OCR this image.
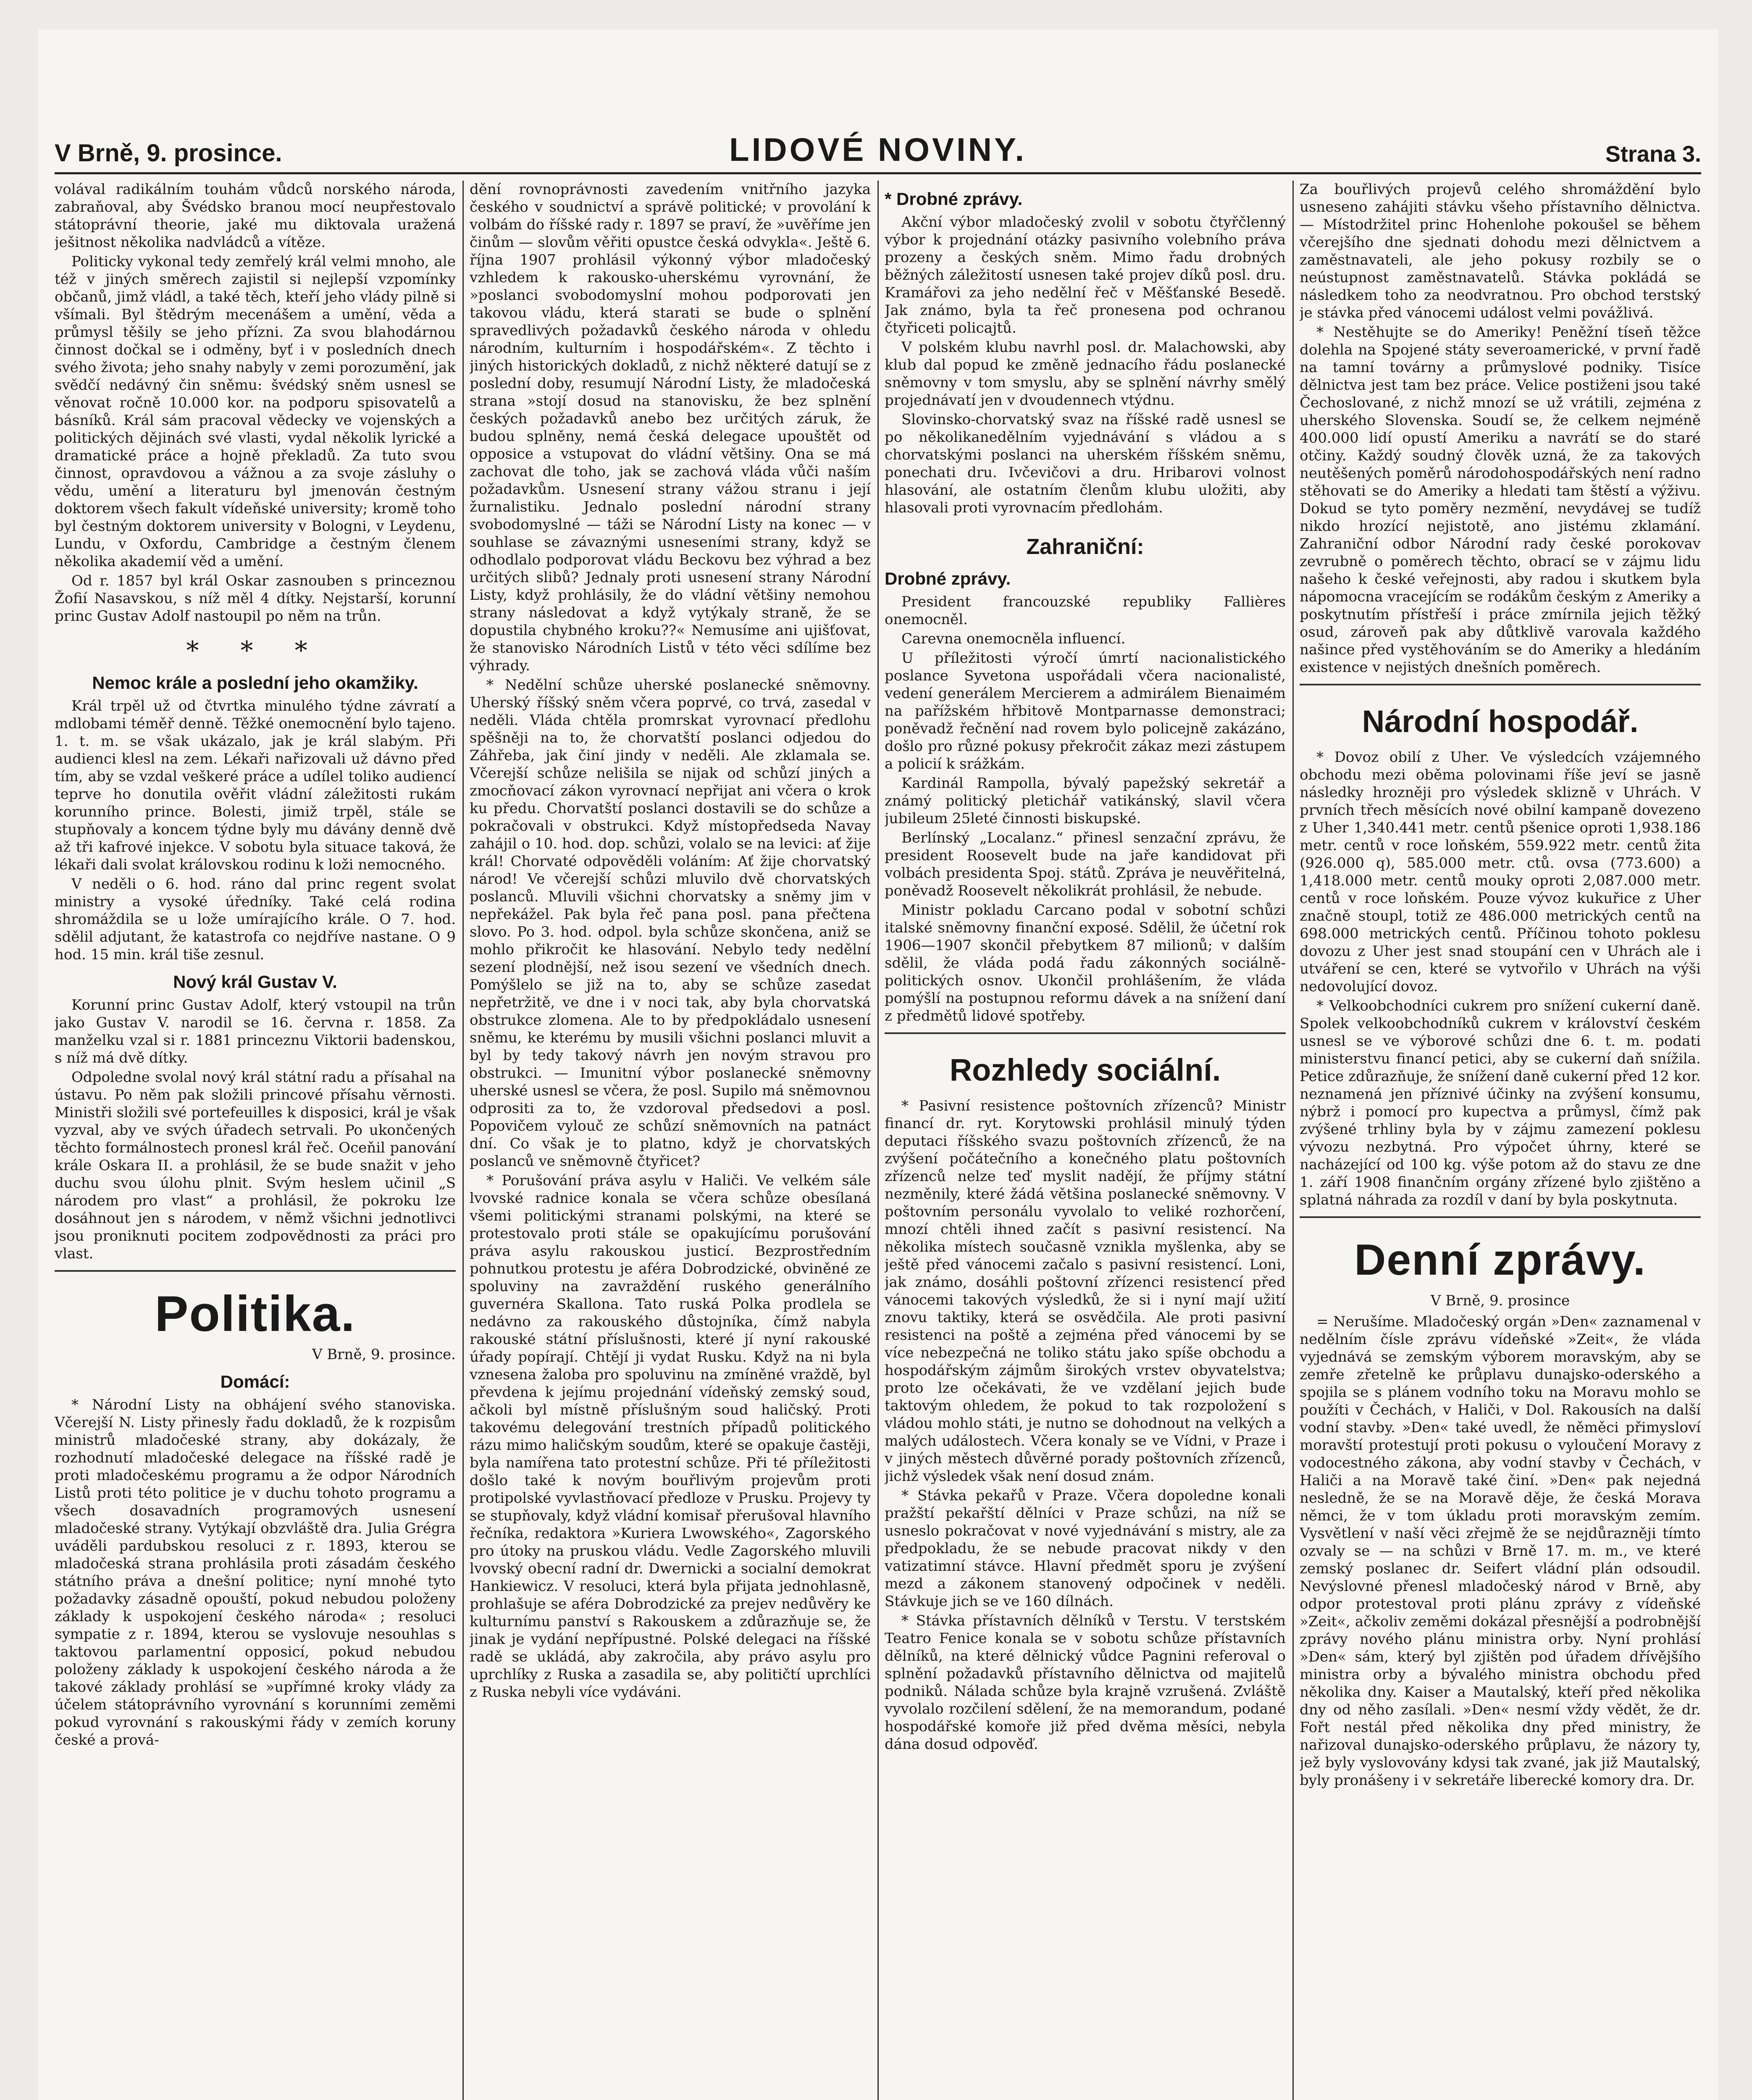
V Brně, 9. prosince.	LIDOVÉ NOVINY.	Strana 3.

volával radikálním touhám vůdců norského národa, zabraňoval, aby Švédsko branou mocí neupřestovalo státoprávní theorie, jaké mu diktovala uražená ješitnost několika nadvládců a vítěze.

Politicky vykonal tedy zemřelý král velmi mnoho, ale též v jiných směrech zajistil si nejlepší vzpomínky občanů, jimž vládl, a také těch, kteří jeho vlády pilně si všímali. Byl štědrým mecenášem a umění, věda a průmysl těšily se jeho přízni. Za svou blahodárnou činnost dočkal se i odměny, byť i v posledních dnech svého života; jeho snahy nabyly v zemi porozumění, jak svědčí nedávný čin sněmu: švédský sněm usnesl se věnovat ročně 10.000 kor. na podporu spisovatelů a básníků. Král sám pracoval vědecky ve vojenských a politických dějinách své vlasti, vydal několik lyrické a dramatické práce a hojně překladů. Za tuto svou činnost, opravdovou a vážnou a za svoje zásluhy o vědu, umění a literaturu byl jmenován čestným doktorem všech fakult vídeňské university; kromě toho byl čestným doktorem university v Bologni, v Leydenu, Lundu, v Oxfordu, Cambridge a čestným členem několika akademií věd a umění.

Od r. 1857 byl král Oskar zasnouben s princeznou Žofií Nasavskou, s níž měl 4 dítky. Nejstarší, korunní princ Gustav Adolf nastoupil po něm na trůn.

* * *
Nemoc krále a poslední jeho okamžiky.

Král trpěl už od čtvrtka minulého týdne závratí a mdlobami téměř denně. Těžké onemocnění bylo tajeno. 1. t. m. se však ukázalo, jak je král slabým. Při audienci klesl na zem. Lékaři nařizovali už dávno před tím, aby se vzdal veškeré práce a udílel toliko audiencí teprve ho donutila ověřit vládní záležitosti rukám korunního prince. Bolesti, jimiž trpěl, stále se stupňovaly a koncem týdne byly mu dávány denně dvě až tři kafrové injekce. V sobotu byla situace taková, že lékaři dali svolat královskou rodinu k loži nemocného.

V neděli o 6. hod. ráno dal princ regent svolat ministry a vysoké úředníky. Také celá rodina shromáždila se u lože umírajícího krále. O 7. hod. sdělil adjutant, že katastrofa co nejdříve nastane. O 9 hod. 15 min. král tiše zesnul.

Nový král Gustav V.

Korunní princ Gustav Adolf, který vstoupil na trůn jako Gustav V. narodil se 16. června r. 1858. Za manželku vzal si r. 1881 princeznu Viktorii badenskou, s níž má dvě dítky.

Odpoledne svolal nový král státní radu a přísahal na ústavu. Po něm pak složili princové přísahu věrnosti. Ministři složili své portefeuilles k disposici, král je však vyzval, aby ve svých úřadech setrvali. Po ukončených těchto formálnostech pronesl král řeč. Oceňil panování krále Oskara II. a prohlásil, že se bude snažit v jeho duchu svou úlohu plnit. Svým heslem učinil „S národem pro vlast“ a prohlásil, že pokroku lze dosáhnout jen s národem, v němž všichni jednotlivci jsou proniknuti pocitem zodpovědnosti za práci pro vlast.

Politika.
V Brně, 9. prosince.
Domácí:

* Národní Listy na obhájení svého stanoviska. Včerejší N. Listy přinesly řadu dokladů, že k rozpisům ministrů mladočeské strany, aby dokázaly, že rozhodnutí mladočeské delegace na říšské radě je proti mladočeskému programu a že odpor Národních Listů proti této politice je v duchu tohoto programu a všech dosavadních programových usnesení mladočeské strany. Vytýkají obzvláště dra. Julia Grégra uváděli pardubskou resoluci z r. 1893, kterou se mladočeská strana prohlásila proti zásadám českého státního práva a dnešní politice; nyní mnohé tyto požadavky zásadně opouští, pokud nebudou položeny základy k uspokojení českého národa« ; resoluci sympatie z r. 1894, kterou se vyslovuje nesouhlas s taktovou parlamentní opposicí, pokud nebudou položeny základy k uspokojení českého národa a že takové základy prohlásí se »upřímné kroky vlády za účelem státoprávního vyrovnání s korunními zeměmi pokud vyrovnání s rakouskými řády v zemích koruny české a prová-

dění rovnoprávnosti zavedením vnitřního jazyka českého v soudnictví a správě politické; v provolání k volbám do říšské rady r. 1897 se praví, že »uvěříme jen činům — slovům věřiti opustce česká odvykla«. Ještě 6. října 1907 prohlásil výkonný výbor mladočeský vzhledem k rakousko-uherskému vyrovnání, že »poslanci svobodomyslní mohou podporovati jen takovou vládu, která starati se bude o splnění spravedlivých požadavků českého národa v ohledu národním, kulturním i hospodářském«. Z těchto i jiných historických dokladů, z nichž některé datují se z poslední doby, resumují Národní Listy, že mladočeská strana »stojí dosud na stanovisku, že bez splnění českých požadavků anebo bez určitých záruk, že budou splněny, nemá česká delegace upouštět od opposice a vstupovat do vládní většiny. Ona se má zachovat dle toho, jak se zachová vláda vůči naším požadavkům. Usnesení strany vážou stranu i její žurnalistiku. Jednalo poslední národní strany svobodomyslné — táži se Národní Listy na konec — v souhlase se závaznými usneseními strany, když se odhodlalo podporovat vládu Beckovu bez výhrad a bez určitých slibů? Jednaly proti usnesení strany Národní Listy, když prohlásily, že do vládní většiny nemohou strany následovat a když vytýkaly straně, že se dopustila chybného kroku??« Nemusíme ani ujišťovat, že stanovisko Národních Listů v této věci sdílíme bez výhrady.

* Nedělní schůze uherské poslanecké sněmovny. Uherský říšský sněm včera poprvé, co trvá, zasedal v neděli. Vláda chtěla promrskat vyrovnací předlohu spěšněji na to, že chorvatští poslanci odjedou do Záhřeba, jak činí jindy v neděli. Ale zklamala se. Včerejší schůze nelišila se nijak od schůzí jiných a zmocňovací zákon vyrovnací nepřijat ani včera o krok ku předu. Chorvatští poslanci dostavili se do schůze a pokračovali v obstrukci. Když místopředseda Navay zahájil o 10. hod. dop. schůzi, volalo se na levici: ať žije král! Chorvaté odpověděli voláním: Ať žije chorvatský národ! Ve včerejší schůzi mluvilo dvě chorvatských poslanců. Mluvili všichni chorvatsky a sněmy jim v nepřekážel. Pak byla řeč pana posl. pana přečtena slovo. Po 3. hod. odpol. byla schůze skončena, aniž se mohlo přikročit ke hlasování. Nebylo tedy nedělní sezení plodnější, než isou sezení ve všedních dnech. Pomýšlelo se již na to, aby se schůze zasedat nepřetržitě, ve dne i v noci tak, aby byla chorvatská obstrukce zlomena. Ale to by předpokládalo usnesení sněmu, ke kterému by musili všichni poslanci mluvit a byl by tedy takový návrh jen novým stravou pro obstrukci. — Imunitní výbor poslanecké sněmovny uherské usnesl se včera, že posl. Supilo má sněmovnou odprositi za to, že vzdoroval předsedovi a posl. Popovičem vylouč ze schůzí sněmovních na patnáct dní. Co však je to platno, když je chorvatských poslanců ve sněmovně čtyřicet?

* Porušování práva asylu v Haliči. Ve velkém sále lvovské radnice konala se včera schůze obesílaná všemi politickými stranami polskými, na které se protestovalo proti stále se opakujícímu porušování práva asylu rakouskou justicí. Bezprostředním pohnutkou protestu je aféra Dobrodzické, obviněné ze spoluviny na zavraždění ruského generálního guvernéra Skallona. Tato ruská Polka prodlela se nedávno za rakouského důstojníka, čímž nabyla rakouské státní příslušnosti, které jí nyní rakouské úřady popírají. Chtějí ji vydat Rusku. Když na ni byla vznesena žaloba pro spoluvinu na zmíněné vraždě, byl převdena k jejímu projednání vídeňský zemský soud, ačkoli byl místně příslušným soud haličský. Proti takovému delegování trestních případů politického rázu mimo haličským soudům, které se opakuje častěji, byla namířena tato protestní schůze. Při té příležitosti došlo také k novým bouřlivým projevům proti protipolské vyvlastňovací předloze v Prusku. Projevy ty se stupňovaly, když vládní komisař přerušoval hlavního řečníka, redaktora »Kuriera Lwowského«, Zagorského pro útoky na pruskou vládu. Vedle Zagorského mluvili lvovský obecní radní dr. Dwernicki a socialní demokrat Hankiewicz. V resoluci, která byla přijata jednohlasně, prohlašuje se aféra Dobrodzické za prejev nedůvěry ke kulturnímu panství s Rakouskem a zdůrazňuje se, že jinak je vydání nepřípustné. Polské delegaci na říšské radě se ukládá, aby zakročila, aby právo asylu pro uprchlíky z Ruska a zasadila se, aby političtí uprchlíci z Ruska nebyli více vydáváni.

* Drobné zprávy.

Akční výbor mladočeský zvolil v sobotu čtyřčlenný výbor k projednání otázky pasivního volebního práva prozeny a českých sněm. Mimo řadu drobných běžných záležitostí usnesen také projev díků posl. dru. Kramářovi za jeho nedělní řeč v Měšťanské Besedě. Jak známo, byla ta řeč pronesena pod ochranou čtyřiceti policajtů.

V polském klubu navrhl posl. dr. Malachowski, aby klub dal popud ke změně jednacího řádu poslanecké sněmovny v tom smyslu, aby se splnění návrhy smělý projednávatí jen v dvoudennech vtýdnu.

Slovinsko-chorvatský svaz na říšské radě usnesl se po několikanedělním vyjednávání s vládou a s chorvatskými poslanci na uherském říšském sněmu, ponechati dru. Ivčevičovi a dru. Hribarovi volnost hlasování, ale ostatním členům klubu uložiti, aby hlasovali proti vyrovnacím předlohám.

Zahraniční:
Drobné zprávy.

President francouzské republiky Fallières onemocněl.

Carevna onemocněla influencí.

U příležitosti výročí úmrtí nacionalistického poslance Syvetona uspořádali včera nacionalisté, vedení generálem Mercierem a admirálem Bienaimém na pařížském hřbitově Montparnasse demonstraci; poněvadž řečnění nad rovem bylo policejně zakázáno, došlo pro různé pokusy překročit zákaz mezi zástupem a policií k srážkám.

Kardinál Rampolla, bývalý papežský sekretář a známý politický pletichář vatikánský, slavil včera jubileum 25leté činnosti biskupské.

Berlínský „Localanz.“ přinesl senzační zprávu, že president Roosevelt bude na jaře kandidovat při volbách presidenta Spoj. států. Zpráva je neuvěřitelná, poněvadž Roosevelt několikrát prohlásil, že nebude.

Ministr pokladu Carcano podal v sobotní schůzi italské sněmovny finanční exposé. Sdělil, že účetní rok 1906—1907 skončil přebytkem 87 milionů; v dalším sdělil, že vláda podá řadu zákonných sociálně-politických osnov. Ukončil prohlášením, že vláda pomýšlí na postupnou reformu dávek a na snížení daní z předmětů lidové spotřeby.

Rozhledy sociální.

* Pasivní resistence poštovních zřízenců? Ministr financí dr. ryt. Korytowski prohlásil minulý týden deputaci říšského svazu poštovních zřízenců, že na zvýšení počátečního a konečného platu poštovních zřízenců nelze teď myslit nadějí, že příjmy státní nezměnily, které žádá většina poslanecké sněmovny. V poštovním personálu vyvolalo to veliké rozhorčení, mnozí chtěli ihned začít s pasivní resistencí. Na několika místech současně vznikla myšlenka, aby se ještě před vánocemi začalo s pasivní resistencí. Loni, jak známo, dosáhli poštovní zřízenci resistencí před vánocemi takových výsledků, že si i nyní mají užití znovu taktiky, která se osvědčila. Ale proti pasivní resistenci na poště a zejména před vánocemi by se více nebezpečná ne toliko státu jako spíše obchodu a hospodářským zájmům širokých vrstev obyvatelstva; proto lze očekávati, že ve vzdělaní jejich bude taktovým ohledem, že pokud to tak rozpoložení s vládou mohlo státi, je nutno se dohodnout na velkých a malých událostech. Včera konaly se ve Vídni, v Praze i v jiných městech důvěrné porady poštovních zřízenců, jichž výsledek však není dosud znám.

* Stávka pekařů v Praze. Včera dopoledne konali pražští pekařští dělníci v Praze schůzi, na níž se usneslo pokračovat v nové vyjednávání s mistry, ale za předpokladu, že se nebude pracovat nikdy v den vatizatimní stávce. Hlavní předmět sporu je zvýšení mezd a zákonem stanovený odpočinek v neděli. Stávkuje jich se ve 160 dílnách.

* Stávka přístavních dělníků v Terstu. V terstském Teatro Fenice konala se v sobotu schůze přístavních dělníků, na které dělnický vůdce Pagnini referoval o splnění požadavků přístavního dělnictva od majitelů podniků. Nálada schůze byla krajně vzrušená. Zvláště vyvolalo rozčilení sdělení, že na memorandum, podané hospodářské komoře již před dvěma měsíci, nebyla dána dosud odpověď.

Za bouřlivých projevů celého shromáždění bylo usneseno zahájiti stávku všeho přístavního dělnictva. — Místodržitel princ Hohenlohe pokoušel se během včerejšího dne sjednati dohodu mezi dělnictvem a zaměstnavateli, ale jeho pokusy rozbily se o neústupnost zaměstnavatelů. Stávka pokládá se následkem toho za neodvratnou. Pro obchod terstský je stávka před vánocemi událost velmi povážlivá.

* Nestěhujte se do Ameriky! Peněžní tíseň těžce dolehla na Spojené státy severoamerické, v první řadě na tamní továrny a průmyslové podniky. Tisíce dělnictva jest tam bez práce. Velice postiženi jsou také Čechoslované, z nichž mnozí se už vrátili, zejména z uherského Slovenska. Soudí se, že celkem nejméně 400.000 lidí opustí Ameriku a navrátí se do staré otčiny. Každý soudný člověk uzná, že za takových neutěšených poměrů národohospodářských není radno stěhovati se do Ameriky a hledati tam štěstí a výživu. Dokud se tyto poměry nezmění, nevydávej se tudíž nikdo hrozící nejistotě, ano jistému zklamání. Zahraniční odbor Národní rady české porokovav zevrubně o poměrech těchto, obrací se v zájmu lidu našeho k české veřejnosti, aby radou i skutkem byla nápomocna vracejícím se rodákům českým z Ameriky a poskytnutím přístřeší i práce zmírnila jejich těžký osud, zároveň pak aby důtklivě varovala každého našince před vystěhováním se do Ameriky a hledáním existence v nejistých dnešních poměrech.

Národní hospodář.

* Dovoz obilí z Uher. Ve výsledcích vzájemného obchodu mezi oběma polovinami říše jeví se jasně následky hrozněji pro výsledek sklizně v Uhrách. V prvních třech měsících nové obilní kampaně dovezeno z Uher 1,340.441 metr. centů pšenice oproti 1,938.186 metr. centů v roce loňském, 559.922 metr. centů žita (926.000 q), 585.000 metr. ctů. ovsa (773.600) a 1,418.000 metr. centů mouky oproti 2,087.000 metr. centů v roce loňském. Pouze vývoz kukuřice z Uher značně stoupl, totiž ze 486.000 metrických centů na 698.000 metrických centů. Příčinou tohoto poklesu dovozu z Uher jest snad stoupání cen v Uhrách ale i utváření se cen, které se vytvořilo v Uhrách na výši nedovolující dovoz.

* Velkoobchodníci cukrem pro snížení cukerní daně. Spolek velkoobchodníků cukrem v království českém usnesl se ve výborové schůzi dne 6. t. m. podati ministerstvu financí petici, aby se cukerní daň snížila. Petice zdůrazňuje, že snížení daně cukerní před 12 kor. neznamená jen příznivé účinky na zvýšení konsumu, nýbrž i pomocí pro kupectva a průmysl, čímž pak zvýšené trhliny byla by v zájmu zamezení poklesu vývozu nezbytná. Pro výpočet úhrny, které se nacházející od 100 kg. výše potom až do stavu ze dne 1. září 1908 finančním orgány zřízené bylo zjištěno a splatná náhrada za rozdíl v daní by byla poskytnuta.

Denní zprávy.
V Brně, 9. prosince

= Nerušíme. Mladočeský orgán »Den« zaznamenal v nedělním čísle zprávu vídeňské »Zeit«, že vláda vyjednává se zemským výborem moravským, aby se zemře zřetelně ke průplavu dunajsko-oderského a spojila se s plánem vodního toku na Moravu mohlo se použíti v Čechách, v Haliči, v Dol. Rakousích na další vodní stavby. »Den« také uvedl, že něměci přimysloví moravští protestují proti pokusu o vyloučení Moravy z vodocestného zákona, aby vodní stavby v Čechách, v Haliči a na Moravě také činí. »Den« pak nejedná nesledně, že se na Moravě děje, že česká Morava němci, že v tom úkladu proti moravským zemím. Vysvětlení v naší věci zřejmě že se nejdůrazněji tímto ozvaly se — na schůzi v Brně 17. m. m., ve které zemský poslanec dr. Seifert vládní plán odsoudil. Nevýslovné přenesl mladočeský národ v Brně, aby odpor protestoval proti plánu zprávy z vídeňské »Zeit«, ačkoliv zeměmi dokázal přesnější a podrobnější zprávy nového plánu ministra orby. Nyní prohlásí »Den« sám, který byl zjištěn pod úřadem dřívějšího ministra orby a bývalého ministra obchodu před několika dny. Kaiser a Mautalský, kteří před několika dny od něho zasílali. »Den« nesmí vždy vědět, že dr. Fořt nestál před několika dny před ministry, že nařizoval dunajsko-oderského průplavu, že názory ty, jež byly vyslovovány kdysi tak zvané, jak již Mautalský, byly pronášeny i v sekretáře liberecké komory dra. Dr.
